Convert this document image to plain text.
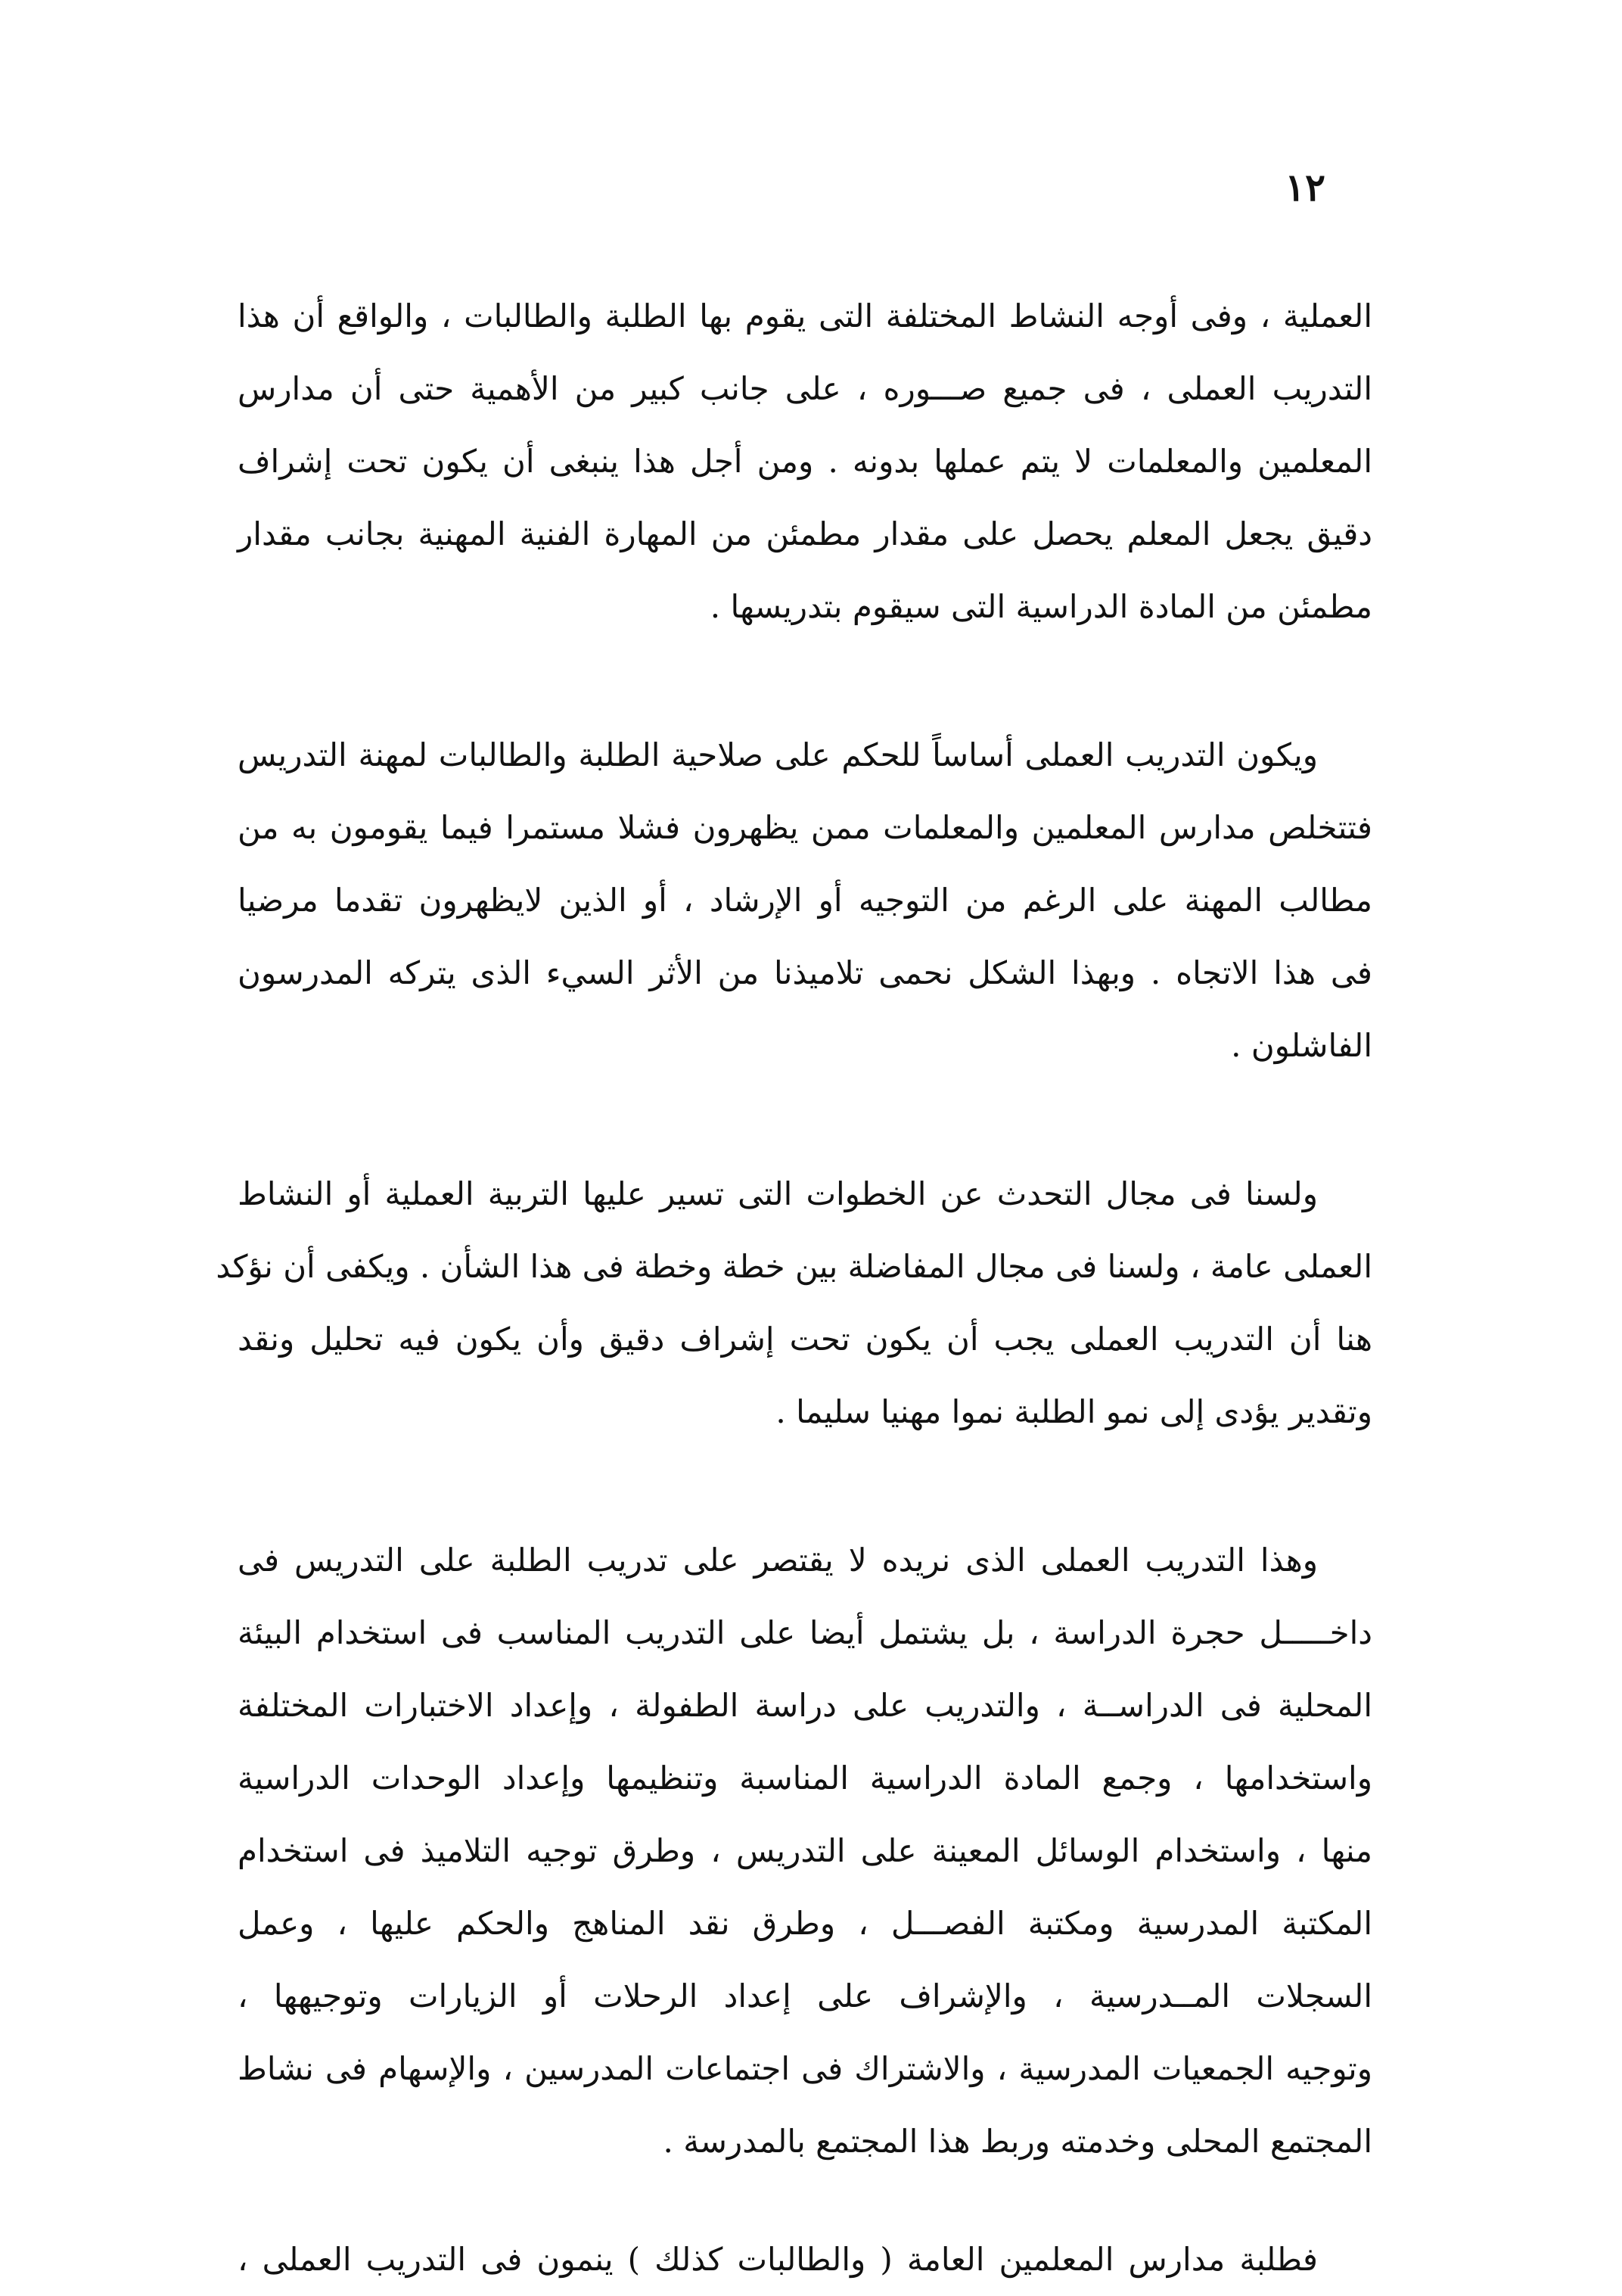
١٢
العملية ، وفى أوجه النشاط المختلفة التى يقوم بها الطلبة والطالبات ، والواقع أن هذا
التدريب العملى ، فى جميع صـــوره ، على جانب كبير من الأهمية حتى أن مدارس
المعلمين والمعلمات لا يتم عملها بدونه . ومن أجل هذا ينبغى أن يكون تحت إشراف
دقيق يجعل المعلم يحصل على مقدار مطمئن من المهارة الفنية المهنية بجانب مقدار
مطمئن من المادة الدراسية التى سيقوم بتدريسها .
ويكون التدريب العملى أساساً للحكم على صلاحية الطلبة والطالبات لمهنة التدريس
فتتخلص مدارس المعلمين والمعلمات ممن يظهرون فشلا مستمرا فيما يقومون به من
مطالب المهنة على الرغم من التوجيه أو الإرشاد ، أو الذين لايظهرون تقدما مرضيا
فى هذا الاتجاه . وبهذا الشكل نحمى تلاميذنا من الأثر السيء الذى يتركه المدرسون
الفاشلون .
ولسنا فى مجال التحدث عن الخطوات التى تسير عليها التربية العملية أو النشاط
العملى عامة ، ولسنا فى مجال المفاضلة بين خطة وخطة فى هذا الشأن . ويكفى أن نؤكد
هنا أن التدريب العملى يجب أن يكون تحت إشراف دقيق وأن يكون فيه تحليل ونقد
وتقدير يؤدى إلى نمو الطلبة نموا مهنيا سليما .
وهذا التدريب العملى الذى نريده لا يقتصر على تدريب الطلبة على التدريس فى
داخـــــل حجرة الدراسة ، بل يشتمل أيضا على التدريب المناسب فى استخدام البيئة
المحلية فى الدراســة ، والتدريب على دراسة الطفولة ، وإعداد الاختبارات المختلفة
واستخدامها ، وجمع المادة الدراسية المناسبة وتنظيمها وإعداد الوحدات الدراسية
منها ، واستخدام الوسائل المعينة على التدريس ، وطرق توجيه التلاميذ فى استخدام
المكتبة المدرسية ومكتبة الفصـــل ، وطرق نقد المناهج والحكم عليها ، وعمل
السجلات المــدرسية ، والإشراف على إعداد الرحلات أو الزيارات وتوجيهها ،
وتوجيه الجمعيات المدرسية ، والاشتراك فى اجتماعات المدرسين ، والإسهام فى نشاط
المجتمع المحلى وخدمته وربط هذا المجتمع بالمدرسة .
فطلبة مدارس المعلمين العامة ( والطالبات كذلك ) ينمون فى التدريب العملى ،
